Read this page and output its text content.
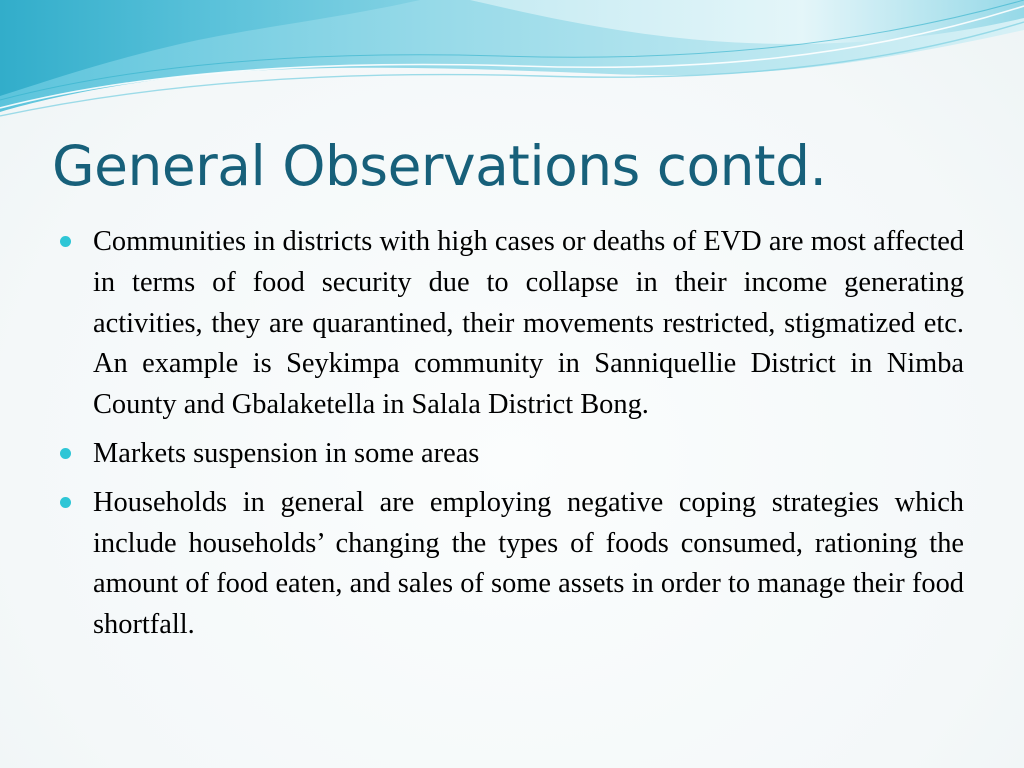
General Observations contd.
Communities in districts with high cases or deaths of EVD are most affected in terms of food security due to collapse in their income generating activities, they are quarantined, their movements restricted, stigmatized etc. An example is Seykimpa community in Sanniquellie District in Nimba County and Gbalaketella in Salala District Bong.
Markets suspension in some areas
Households in general are employing negative coping strategies which include households’ changing the types of foods consumed, rationing the amount of food eaten, and sales of some assets in order to manage their food shortfall.
